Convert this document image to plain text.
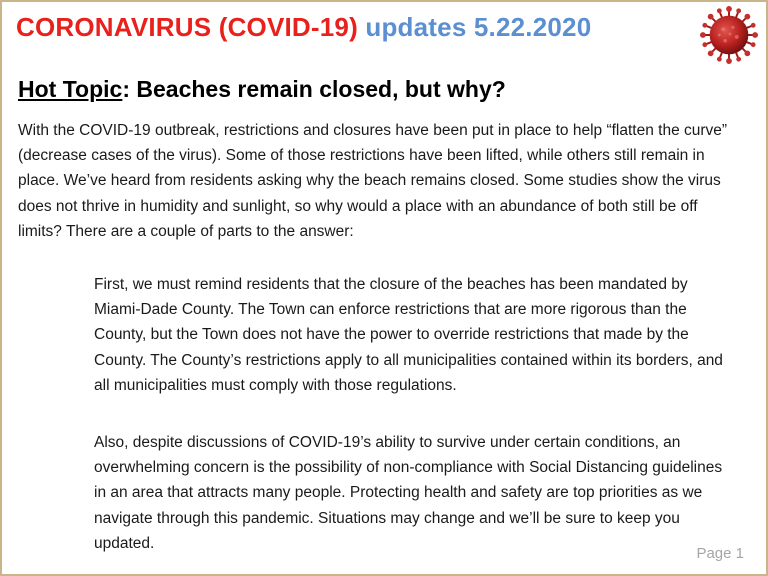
CORONAVIRUS (COVID-19) updates 5.22.2020
Hot Topic: Beaches remain closed, but why?

With the COVID-19 outbreak, restrictions and closures have been put in place to help “flatten the curve” (decrease cases of the virus). Some of those restrictions have been lifted, while others still remain in place. We’ve heard from residents asking why the beach remains closed. Some studies show the virus does not thrive in humidity and sunlight, so why would a place with an abundance of both still be off limits? There are a couple of parts to the answer:

First, we must remind residents that the closure of the beaches has been mandated by Miami-Dade County. The Town can enforce restrictions that are more rigorous than the County, but the Town does not have the power to override restrictions that made by the County. The County’s restrictions apply to all municipalities contained within its borders, and all municipalities must comply with those regulations.

Also, despite discussions of COVID-19’s ability to survive under certain conditions, an overwhelming concern is the possibility of non-compliance with Social Distancing guidelines in an area that attracts many people. Protecting health and safety are top priorities as we navigate through this pandemic. Situations may change and we’ll be sure to keep you updated.

Page 1
